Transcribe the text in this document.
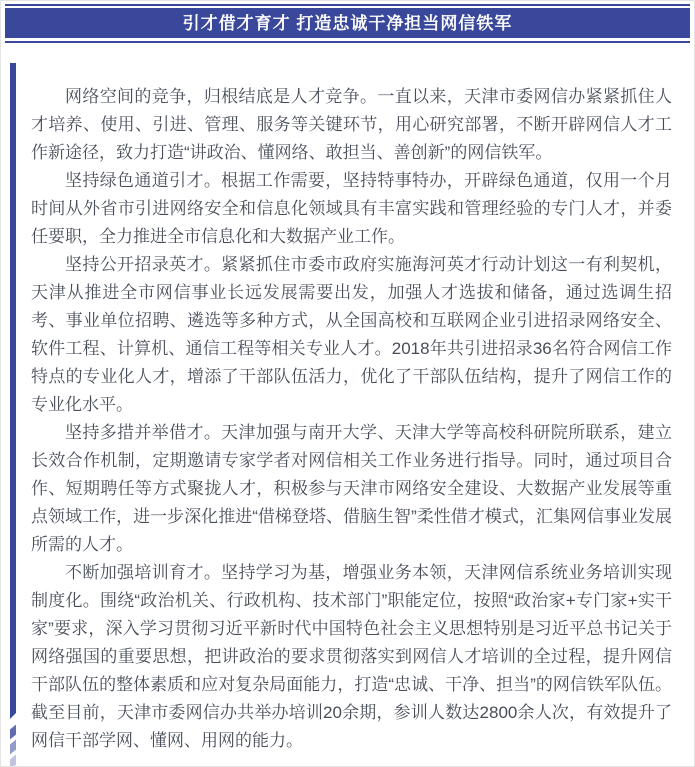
引才借才育才 打造忠诚干净担当网信铁军

网络空间的竞争，归根结底是人才竞争。一直以来，天津市委网信办紧紧抓住人才培养、使用、引进、管理、服务等关键环节，用心研究部署，不断开辟网信人才工作新途径，致力打造“讲政治、懂网络、敢担当、善创新”的网信铁军。

坚持绿色通道引才。根据工作需要，坚持特事特办，开辟绿色通道，仅用一个月时间从外省市引进网络安全和信息化领域具有丰富实践和管理经验的专门人才，并委任要职，全力推进全市信息化和大数据产业工作。

坚持公开招录英才。紧紧抓住市委市政府实施海河英才行动计划这一有利契机，天津从推进全市网信事业长远发展需要出发，加强人才选拔和储备，通过选调生招考、事业单位招聘、遴选等多种方式，从全国高校和互联网企业引进招录网络安全、软件工程、计算机、通信工程等相关专业人才。2018年共引进招录36名符合网信工作特点的专业化人才，增添了干部队伍活力，优化了干部队伍结构，提升了网信工作的专业化水平。

坚持多措并举借才。天津加强与南开大学、天津大学等高校科研院所联系，建立长效合作机制，定期邀请专家学者对网信相关工作业务进行指导。同时，通过项目合作、短期聘任等方式聚拢人才，积极参与天津市网络安全建设、大数据产业发展等重点领域工作，进一步深化推进“借梯登塔、借脑生智”柔性借才模式，汇集网信事业发展所需的人才。

不断加强培训育才。坚持学习为基，增强业务本领，天津网信系统业务培训实现制度化。围绕“政治机关、行政机构、技术部门”职能定位，按照“政治家+专门家+实干家”要求，深入学习贯彻习近平新时代中国特色社会主义思想特别是习近平总书记关于网络强国的重要思想，把讲政治的要求贯彻落实到网信人才培训的全过程，提升网信干部队伍的整体素质和应对复杂局面能力，打造“忠诚、干净、担当”的网信铁军队伍。截至目前，天津市委网信办共举办培训20余期，参训人数达2800余人次，有效提升了网信干部学网、懂网、用网的能力。
